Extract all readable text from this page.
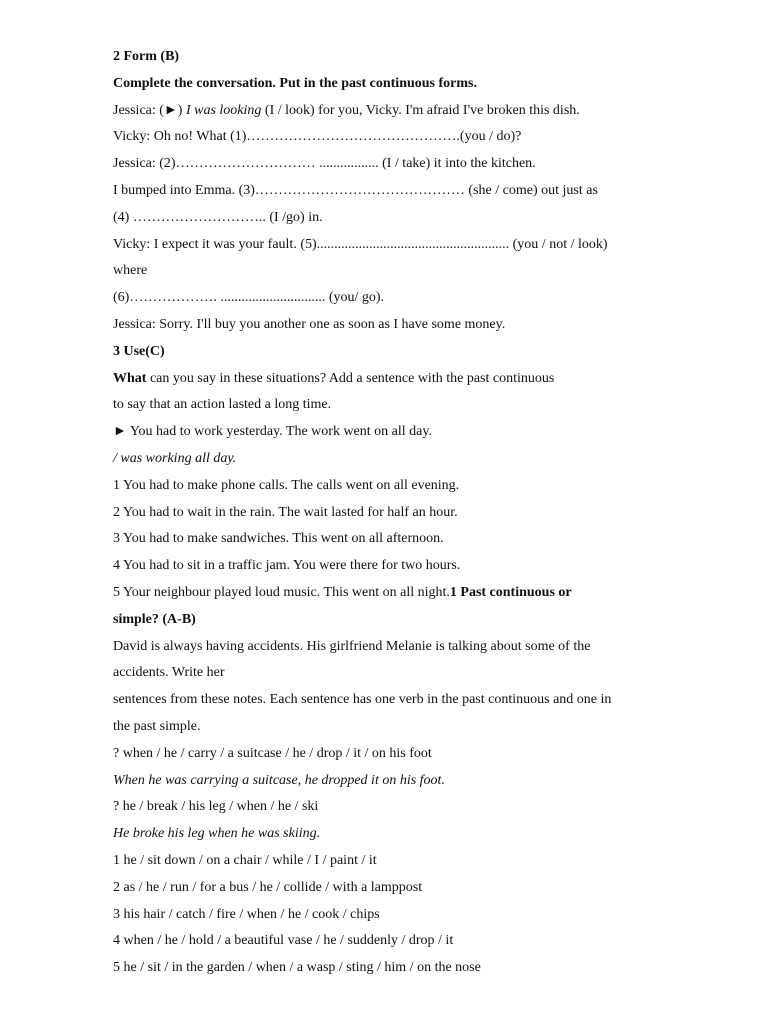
2 Form (B)
Complete the conversation. Put in the past continuous forms.
Jessica: (►) I was looking (I / look) for you, Vicky. I'm afraid I've broken this dish.
Vicky: Oh no! What (1)……………………………………….(you / do)?
Jessica: (2)………………………… ................. (I / take) it into the kitchen.
I bumped into Emma. (3)……………………………………… (she / come) out just as
(4) ……………………….. (I /go) in.
Vicky: I expect it was your fault. (5)....................................................... (you / not / look)
where
(6)………………. .............................. (you/ go).
Jessica: Sorry. I'll buy you another one as soon as I have some money.
3 Use(C)
What can you say in these situations? Add a sentence with the past continuous
to say that an action lasted a long time.
► You had to work yesterday. The work went on all day.
/ was working all day.
1 You had to make phone calls. The calls went on all evening.
2 You had to wait in the rain. The wait lasted for half an hour.
3 You had to make sandwiches. This went on all afternoon.
4 You had to sit in a traffic jam. You were there for two hours.
5 Your neighbour played loud music. This went on all night.1 Past continuous or
simple? (A-B)
David is always having accidents. His girlfriend Melanie is talking about some of the
accidents. Write her
sentences from these notes. Each sentence has one verb in the past continuous and one in
the past simple.
? when / he / carry / a suitcase / he / drop / it / on his foot
When he was carrying a suitcase, he dropped it on his foot.
? he / break / his leg / when / he / ski
He broke his leg when he was skiing.
1 he / sit down / on a chair / while / I / paint / it
2 as / he / run / for a bus / he / collide / with a lamppost
3 his hair / catch / fire / when / he / cook / chips
4 when / he / hold / a beautiful vase / he / suddenly / drop / it
5 he / sit / in the garden / when / a wasp / sting / him / on the nose
